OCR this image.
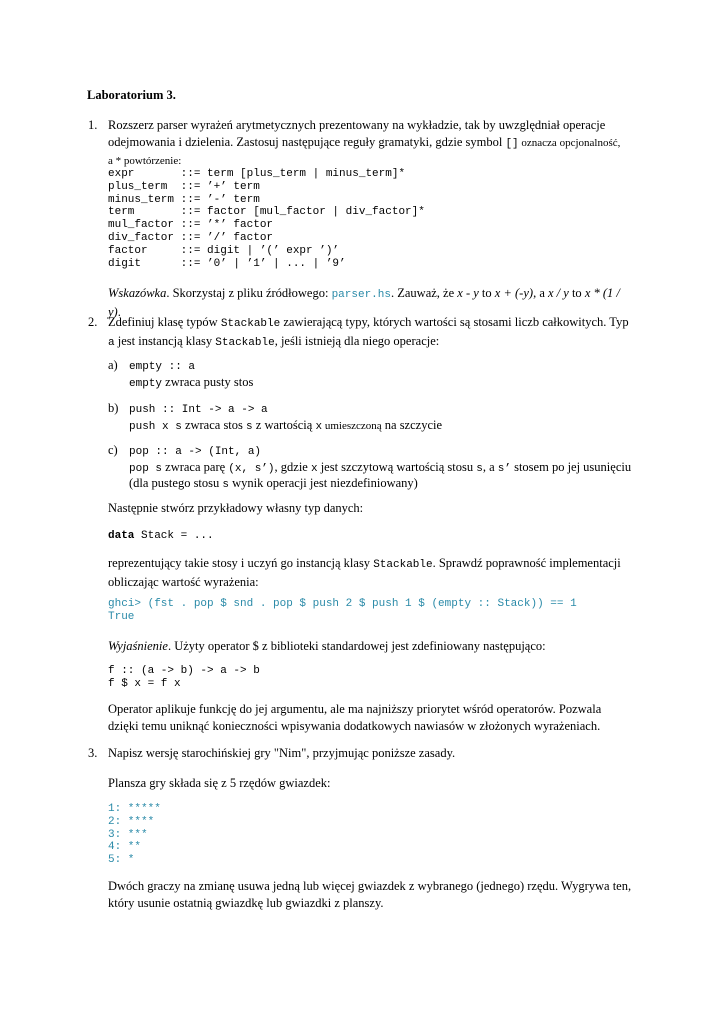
Laboratorium 3.
1. Rozszerz parser wyrażeń arytmetycznych prezentowany na wykładzie, tak by uwzględniał operacje odejmowania i dzielenia. Zastosuj następujące reguły gramatyki, gdzie symbol [] oznacza opcjonalność,
a * powtórzenie:
expr       ::= term [plus_term | minus_term]*
plus_term  ::= ’+’ term
minus_term ::= ’-’ term
term       ::= factor [mul_factor | div_factor]*
mul_factor ::= ’*’ factor
div_factor ::= ’/’ factor
factor     ::= digit | ’(’ expr ’)’
digit      ::= ’0’ | ’1’ | ... | ’9’
Wskazówka. Skorzystaj z pliku źródłowego: parser.hs. Zauważ, że x - y to x + (-y), a x / y to x * (1 / y).
2. Zdefiniuj klasę typów Stackable zawierającą typy, których wartości są stosami liczb całkowitych. Typ
a jest instancją klasy Stackable, jeśli istnieją dla niego operacje:
a) empty :: a
empty zwraca pusty stos
b) push :: Int -> a -> a
push x s zwraca stos s z wartością x umieszczoną na szczycie
c) pop :: a -> (Int, a)
pop s zwraca parę (x, s’), gdzie x jest szczytową wartością stosu s, a s’ stosem po jej usunięciu
(dla pustego stosu s wynik operacji jest niezdefiniowany)
Następnie stwórz przykładowy własny typ danych:
data Stack = ...
reprezentujący takie stosy i uczyń go instancją klasy Stackable. Sprawdź poprawność implementacji obliczając wartość wyrażenia:
ghci> (fst . pop $ snd . pop $ push 2 $ push 1 $ (empty :: Stack)) == 1
True
Wyjaśnienie. Użyty operator $ z biblioteki standardowej jest zdefiniowany następująco:
f :: (a -> b) -> a -> b
f $ x = f x
Operator aplikuje funkcję do jej argumentu, ale ma najniższy priorytet wśród operatorów. Pozwala dzięki temu uniknąć konieczności wpisywania dodatkowych nawiasów w złożonych wyrażeniach.
3. Napisz wersję starochińskiej gry "Nim", przyjmując poniższe zasady.
Plansza gry składa się z 5 rzędów gwiazdek:
1: *****
2: ****
3: ***
4: **
5: *
Dwóch graczy na zmianę usuwa jedną lub więcej gwiazdek z wybranego (jednego) rzędu. Wygrywa ten, który usunie ostatnią gwiazdkę lub gwiazdki z planszy.
